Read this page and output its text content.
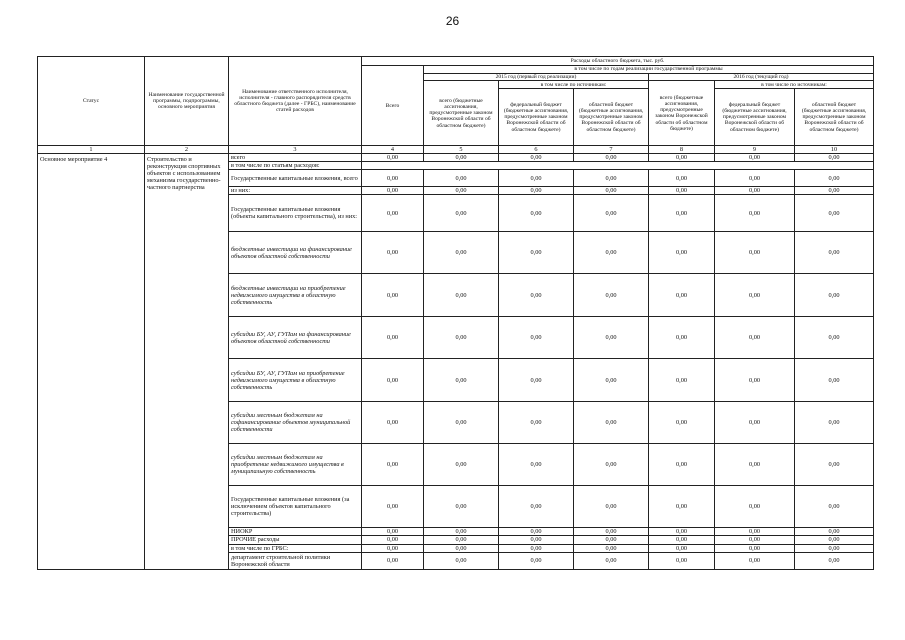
26
Статус	Наименование государственной программы, подпрограммы, основного мероприятия	Наименование ответственного исполнителя, исполнителя - главного распорядителя средств областного бюджета (далее - ГРБС), наименование статей расходов	Расходы областного бюджета, тыс. руб.						
			Всего	в том числе по годам реализации государственной программы					
				2015 год (первый год реализации)			2016 год (текущий год)		
				всего (бюджетные ассигнования, предусмотренные законом Воронежской области об областном бюджете)	в том числе по источникам:		всего (бюджетные ассигнования, предусмотренные законом Воронежской области об областном бюджете)	в том числе по источникам:	
					федеральный бюджет (бюджетные ассигнования, предусмотренные законом Воронежской области об областном бюджете)	областной бюджет (бюджетные ассигнования, предусмотренные законом Воронежской области об областном бюджете)		федеральный бюджет (бюджетные ассигнования, предусмотренные законом Воронежской области об областном бюджете)	областной бюджет (бюджетные ассигнования, предусмотренные законом Воронежской области об областном бюджете)
1	2	3	4	5	6	7	8	9	10
Основное мероприятие 4	Строительство и реконструкция спортивных объектов с использованием механизма государственно-частного партнерства	всего	0,00	0,00	0,00	0,00	0,00	0,00	0,00
		в том числе по статьям расходов:							
		Государственные капитальные вложения, всего	0,00	0,00	0,00	0,00	0,00	0,00	0,00
		из них:	0,00	0,00	0,00	0,00	0,00	0,00	0,00
		Государственные капитальные вложения (объекты капитального строительства), из них:	0,00	0,00	0,00	0,00	0,00	0,00	0,00
		бюджетные инвестиции на финансирование объектов областной собственности	0,00	0,00	0,00	0,00	0,00	0,00	0,00
		бюджетные инвестиции на приобретение недвижимого имущества в областную собственность	0,00	0,00	0,00	0,00	0,00	0,00	0,00
		субсидии БУ, АУ, ГУПам на финансирование объектов областной собственности	0,00	0,00	0,00	0,00	0,00	0,00	0,00
		субсидии БУ, АУ, ГУПам на приобретение недвижимого имущества в областную собственность	0,00	0,00	0,00	0,00	0,00	0,00	0,00
		субсидии местным бюджетам на софинансирование объектов муниципальной собственности	0,00	0,00	0,00	0,00	0,00	0,00	0,00
		субсидии местным бюджетам на приобретение недвижимого имущества в муниципальную собственность	0,00	0,00	0,00	0,00	0,00	0,00	0,00
		Государственные капитальные вложения (за исключением объектов капитального строительства)	0,00	0,00	0,00	0,00	0,00	0,00	0,00
		НИОКР	0,00	0,00	0,00	0,00	0,00	0,00	0,00
		ПРОЧИЕ расходы	0,00	0,00	0,00	0,00	0,00	0,00	0,00
		в том числе по ГРБС:	0,00	0,00	0,00	0,00	0,00	0,00	0,00
		департамент строительной политики Воронежской области	0,00	0,00	0,00	0,00	0,00	0,00	0,00
